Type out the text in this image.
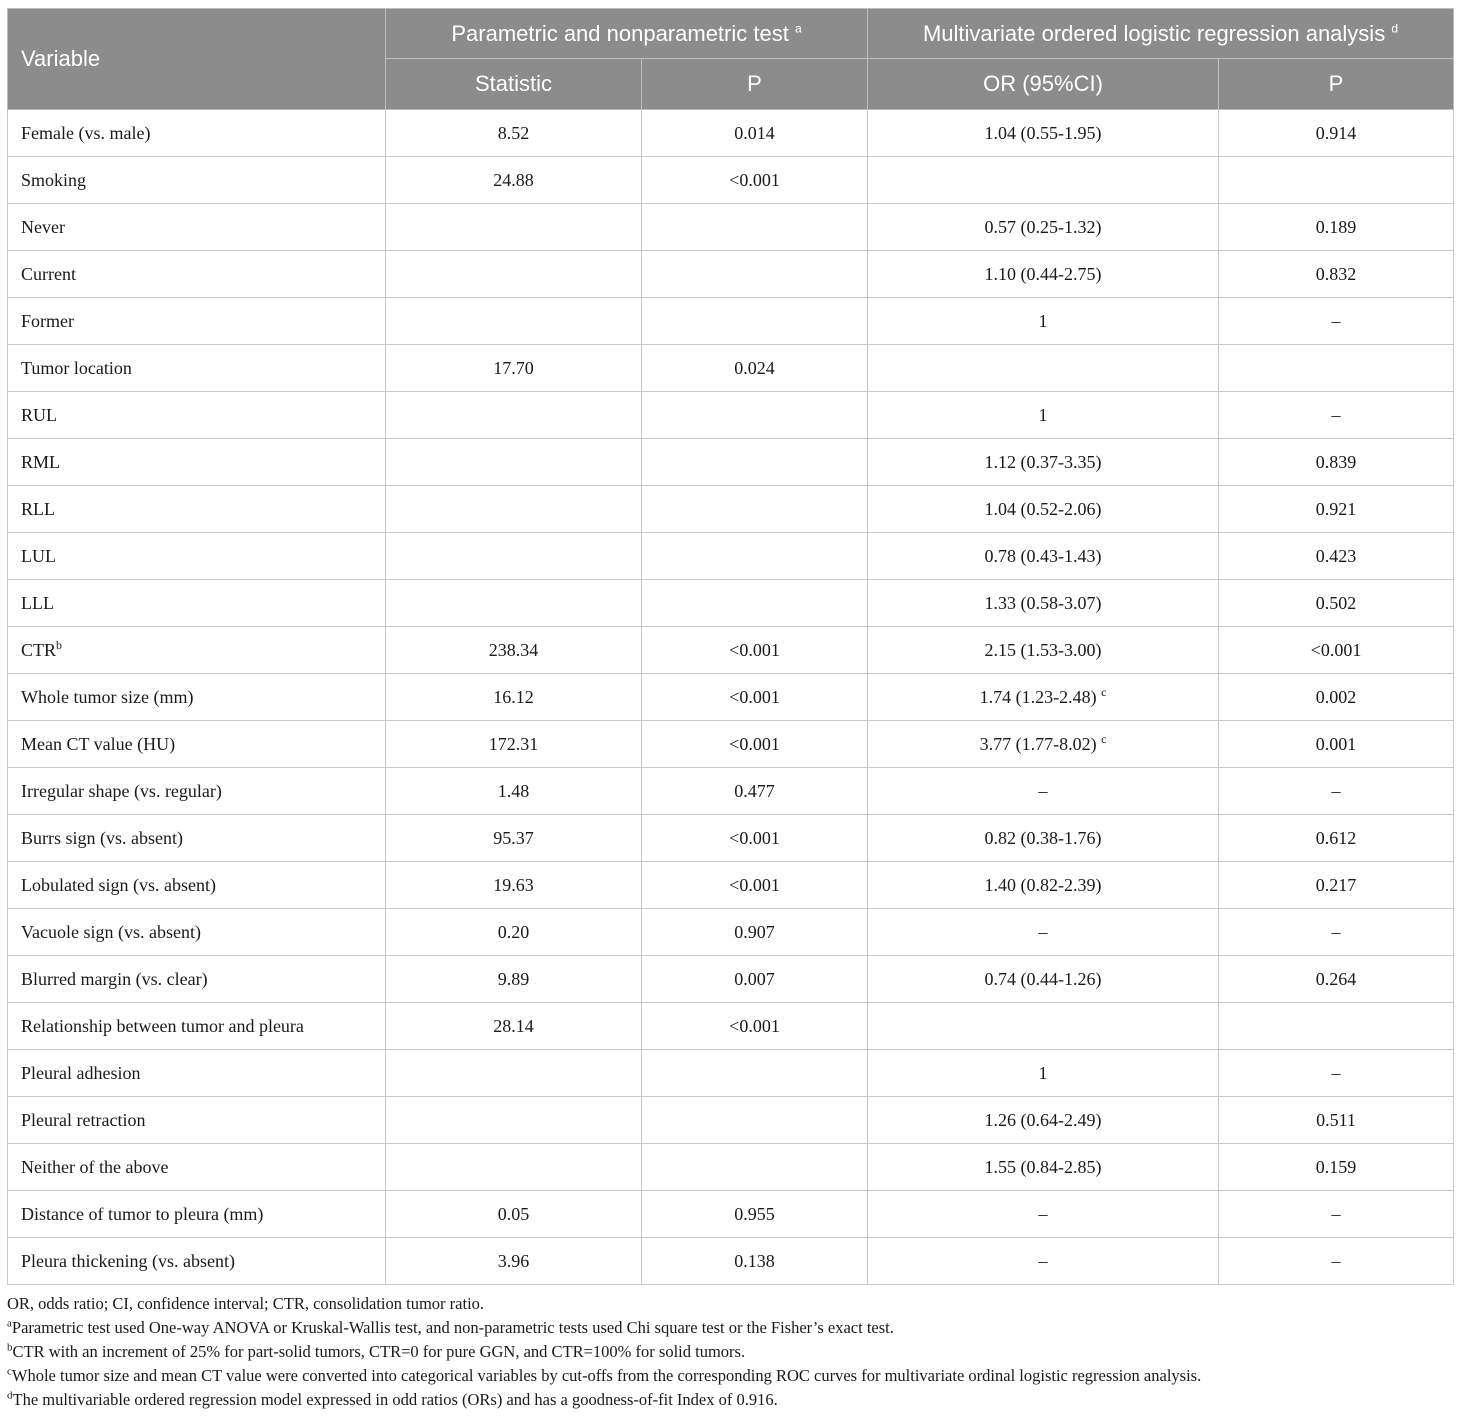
Variable	Parametric and nonparametric test $^a$		Multivariate ordered logistic regression analysis $^d$
	Statistic	P	OR (95%CI)	P
Female (vs. male)	8.52	0.014	1.04 (0.55-1.95)	0.914
Smoking	24.88	<0.001		
Never			0.57 (0.25-1.32)	0.189
Current			1.10 (0.44-2.75)	0.832
Former			1	–
Tumor location	17.70	0.024		
RUL			1	–
RML			1.12 (0.37-3.35)	0.839
RLL			1.04 (0.52-2.06)	0.921
LUL			0.78 (0.43-1.43)	0.423
LLL			1.33 (0.58-3.07)	0.502
CTR$^b$	238.34	<0.001	2.15 (1.53-3.00)	<0.001
Whole tumor size (mm)	16.12	<0.001	1.74 (1.23-2.48) $^c$	0.002
Mean CT value (HU)	172.31	<0.001	3.77 (1.77-8.02) $^c$	0.001
Irregular shape (vs. regular)	1.48	0.477	–	–
Burrs sign (vs. absent)	95.37	<0.001	0.82 (0.38-1.76)	0.612
Lobulated sign (vs. absent)	19.63	<0.001	1.40 (0.82-2.39)	0.217
Vacuole sign (vs. absent)	0.20	0.907	–	–
Blurred margin (vs. clear)	9.89	0.007	0.74 (0.44-1.26)	0.264
Relationship between tumor and pleura	28.14	<0.001		
Pleural adhesion			1	–
Pleural retraction			1.26 (0.64-2.49)	0.511
Neither of the above			1.55 (0.84-2.85)	0.159
Distance of tumor to pleura (mm)	0.05	0.955	–	–
Pleura thickening (vs. absent)	3.96	0.138	–	–

OR, odds ratio; CI, confidence interval; CTR, consolidation tumor ratio.

$^a$Parametric test used One-way ANOVA or Kruskal-Wallis test, and non-parametric tests used Chi square test or the Fisher’s exact test.

$^b$CTR with an increment of 25% for part-solid tumors, CTR=0 for pure GGN, and CTR=100% for solid tumors.

$^c$Whole tumor size and mean CT value were converted into categorical variables by cut-offs from the corresponding ROC curves for multivariate ordinal logistic regression analysis.

$^d$The multivariable ordered regression model expressed in odd ratios (ORs) and has a goodness-of-fit Index of 0.916.
